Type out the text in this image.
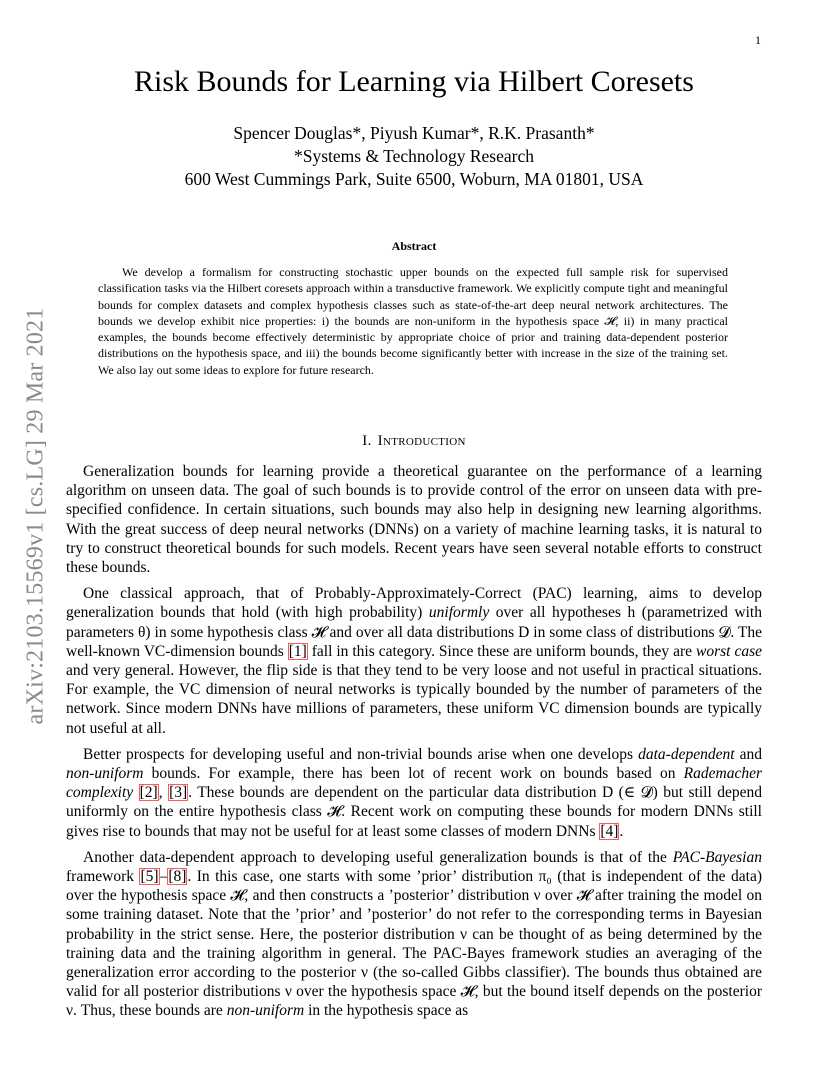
1
arXiv:2103.15569v1 [cs.LG] 29 Mar 2021
Risk Bounds for Learning via Hilbert Coresets
Spencer Douglas*, Piyush Kumar*, R.K. Prasanth*
*Systems & Technology Research
600 West Cummings Park, Suite 6500, Woburn, MA 01801, USA
Abstract

We develop a formalism for constructing stochastic upper bounds on the expected full sample risk for supervised classification tasks via the Hilbert coresets approach within a transductive framework. We explicitly compute tight and meaningful bounds for complex datasets and complex hypothesis classes such as state-of-the-art deep neural network architectures. The bounds we develop exhibit nice properties: i) the bounds are non-uniform in the hypothesis space 𝓗, ii) in many practical examples, the bounds become effectively deterministic by appropriate choice of prior and training data-dependent posterior distributions on the hypothesis space, and iii) the bounds become significantly better with increase in the size of the training set. We also lay out some ideas to explore for future research.

I. Introduction

Generalization bounds for learning provide a theoretical guarantee on the performance of a learning algorithm on unseen data. The goal of such bounds is to provide control of the error on unseen data with pre-specified confidence. In certain situations, such bounds may also help in designing new learning algorithms. With the great success of deep neural networks (DNNs) on a variety of machine learning tasks, it is natural to try to construct theoretical bounds for such models. Recent years have seen several notable efforts to construct these bounds.

One classical approach, that of Probably-Approximately-Correct (PAC) learning, aims to develop generalization bounds that hold (with high probability) uniformly over all hypotheses h (parametrized with parameters θ) in some hypothesis class 𝓗 and over all data distributions D in some class of distributions 𝓓. The well-known VC-dimension bounds [1] fall in this category. Since these are uniform bounds, they are worst case and very general. However, the flip side is that they tend to be very loose and not useful in practical situations. For example, the VC dimension of neural networks is typically bounded by the number of parameters of the network. Since modern DNNs have millions of parameters, these uniform VC dimension bounds are typically not useful at all.

Better prospects for developing useful and non-trivial bounds arise when one develops data-dependent and non-uniform bounds. For example, there has been lot of recent work on bounds based on Rademacher complexity [2], [3]. These bounds are dependent on the particular data distribution D (∈ 𝓓) but still depend uniformly on the entire hypothesis class 𝓗. Recent work on computing these bounds for modern DNNs still gives rise to bounds that may not be useful for at least some classes of modern DNNs [4].

Another data-dependent approach to developing useful generalization bounds is that of the PAC-Bayesian framework [5]–[8]. In this case, one starts with some ’prior’ distribution π₀ (that is independent of the data) over the hypothesis space 𝓗, and then constructs a ’posterior’ distribution ν over 𝓗 after training the model on some training dataset. Note that the ’prior’ and ’posterior’ do not refer to the corresponding terms in Bayesian probability in the strict sense. Here, the posterior distribution ν can be thought of as being determined by the training data and the training algorithm in general. The PAC-Bayes framework studies an averaging of the generalization error according to the posterior ν (the so-called Gibbs classifier). The bounds thus obtained are valid for all posterior distributions ν over the hypothesis space 𝓗, but the bound itself depends on the posterior ν. Thus, these bounds are non-uniform in the hypothesis space as
